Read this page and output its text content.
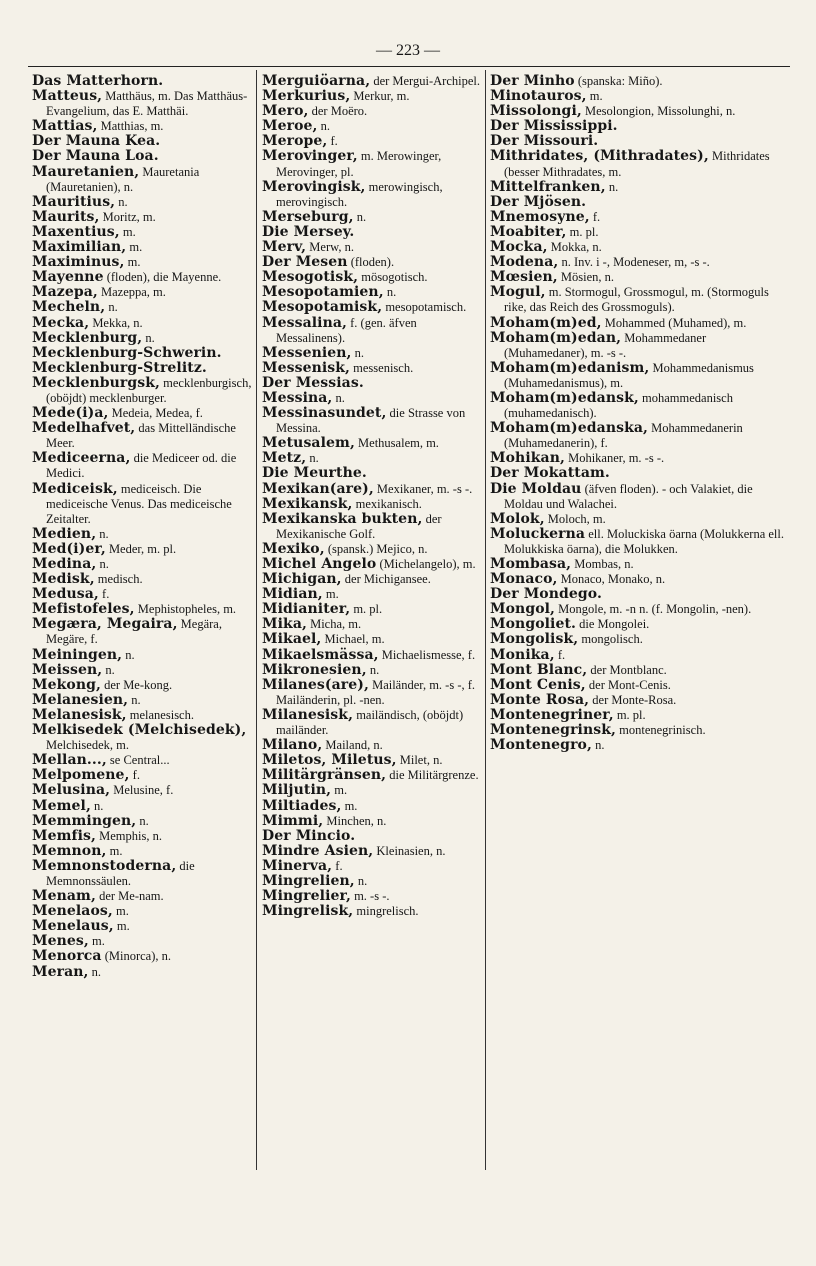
— 223 —

Das Matterhorn.

Matteus, Matthäus, m. Das Matthäus-Evangelium, das E. Matthäi.

Mattias, Matthias, m.

Der Mauna Kea.

Der Mauna Loa.

Mauretanien, Mauretania (Mauretanien), n.

Mauritius, n.

Maurits, Moritz, m.

Maxentius, m.

Maximilian, m.

Maximinus, m.

Mayenne (floden), die Mayenne.

Mazepa, Mazeppa, m.

Mecheln, n.

Mecka, Mekka, n.

Mecklenburg, n.

Mecklenburg-Schwerin.

Mecklenburg-Strelitz.

Mecklenburgsk, mecklenburgisch, (oböjdt) mecklenburger.

Mede(i)a, Medeia, Medea, f.

Medelhafvet, das Mittelländische Meer.

Mediceerna, die Mediceer od. die Medici.

Mediceisk, mediceisch. Die mediceische Venus. Das mediceische Zeitalter.

Medien, n.

Med(i)er, Meder, m. pl.

Medina, n.

Medisk, medisch.

Medusa, f.

Mefistofeles, Mephistopheles, m.

Megæra, Megaira, Megära, Megäre, f.

Meiningen, n.

Meissen, n.

Mekong, der Me-kong.

Melanesien, n.

Melanesisk, melanesisch.

Melkisedek (Melchisedek), Melchisedek, m.

Mellan..., se Central...

Melpomene, f.

Melusina, Melusine, f.

Memel, n.

Memmingen, n.

Memfis, Memphis, n.

Memnon, m.

Memnonstoderna, die Memnonssäulen.

Menam, der Me-nam.

Menelaos, m.

Menelaus, m.

Menes, m.

Menorca (Minorca), n.

Meran, n.

Merguiöarna, der Mergui-Archipel.

Merkurius, Merkur, m.

Mero, der Moëro.

Meroe, n.

Merope, f.

Merovinger, m. Merowinger, Merovinger, pl.

Merovingisk, merowingisch, merovingisch.

Merseburg, n.

Die Mersey.

Merv, Merw, n.

Der Mesen (floden).

Mesogotisk, mösogotisch.

Mesopotamien, n.

Mesopotamisk, mesopotamisch.

Messalina, f. (gen. äfven Messalinens).

Messenien, n.

Messenisk, messenisch.

Der Messias.

Messina, n.

Messinasundet, die Strasse von Messina.

Metusalem, Methusalem, m.

Metz, n.

Die Meurthe.

Mexikan(are), Mexikaner, m. -s -.

Mexikansk, mexikanisch.

Mexikanska bukten, der Mexikanische Golf.

Mexiko, (spansk.) Mejico, n.

Michel Angelo (Michelangelo), m.

Michigan, der Michigansee.

Midian, m.

Midianiter, m. pl.

Mika, Micha, m.

Mikael, Michael, m.

Mikaelsmässa, Michaelismesse, f.

Mikronesien, n.

Milanes(are), Mailänder, m. -s -, f. Mailänderin, pl. -nen.

Milanesisk, mailändisch, (oböjdt) mailänder.

Milano, Mailand, n.

Miletos, Miletus, Milet, n.

Militärgränsen, die Militärgrenze.

Miljutin, m.

Miltiades, m.

Mimmi, Minchen, n.

Der Mincio.

Mindre Asien, Kleinasien, n.

Minerva, f.

Mingrelien, n.

Mingrelier, m. -s -.

Mingrelisk, mingrelisch.

Der Minho (spanska: Miño).

Minotauros, m.

Missolongi, Mesolongion, Missolunghi, n.

Der Mississippi.

Der Missouri.

Mithridates, (Mithradates), Mithridates (besser Mithradates, m.

Mittelfranken, n.

Der Mjösen.

Mnemosyne, f.

Moabiter, m. pl.

Mocka, Mokka, n.

Modena, n. Inv. i -, Modeneser, m, -s -.

Mœsien, Mösien, n.

Mogul, m. Stormogul, Grossmogul, m. (Stormoguls rike, das Reich des Grossmoguls).

Moham(m)ed, Mohammed (Muhamed), m.

Moham(m)edan, Mohammedaner (Muhamedaner), m. -s -.

Moham(m)edanism, Mohammedanismus (Muhamedanismus), m.

Moham(m)edansk, mohammedanisch (muhamedanisch).

Moham(m)edanska, Mohammedanerin (Muhamedanerin), f.

Mohikan, Mohikaner, m. -s -.

Der Mokattam.

Die Moldau (äfven floden). - och Valakiet, die Moldau und Walachei.

Molok, Moloch, m.

Moluckerna ell. Moluckiska öarna (Molukkerna ell. Molukkiska öarna), die Molukken.

Mombasa, Mombas, n.

Monaco, Monaco, Monako, n.

Der Mondego.

Mongol, Mongole, m. -n n. (f. Mongolin, -nen).

Mongoliet. die Mongolei.

Mongolisk, mongolisch.

Monika, f.

Mont Blanc, der Montblanc.

Mont Cenis, der Mont-Cenis.

Monte Rosa, der Monte-Rosa.

Montenegriner, m. pl.

Montenegrinsk, montenegrinisch.

Montenegro, n.
